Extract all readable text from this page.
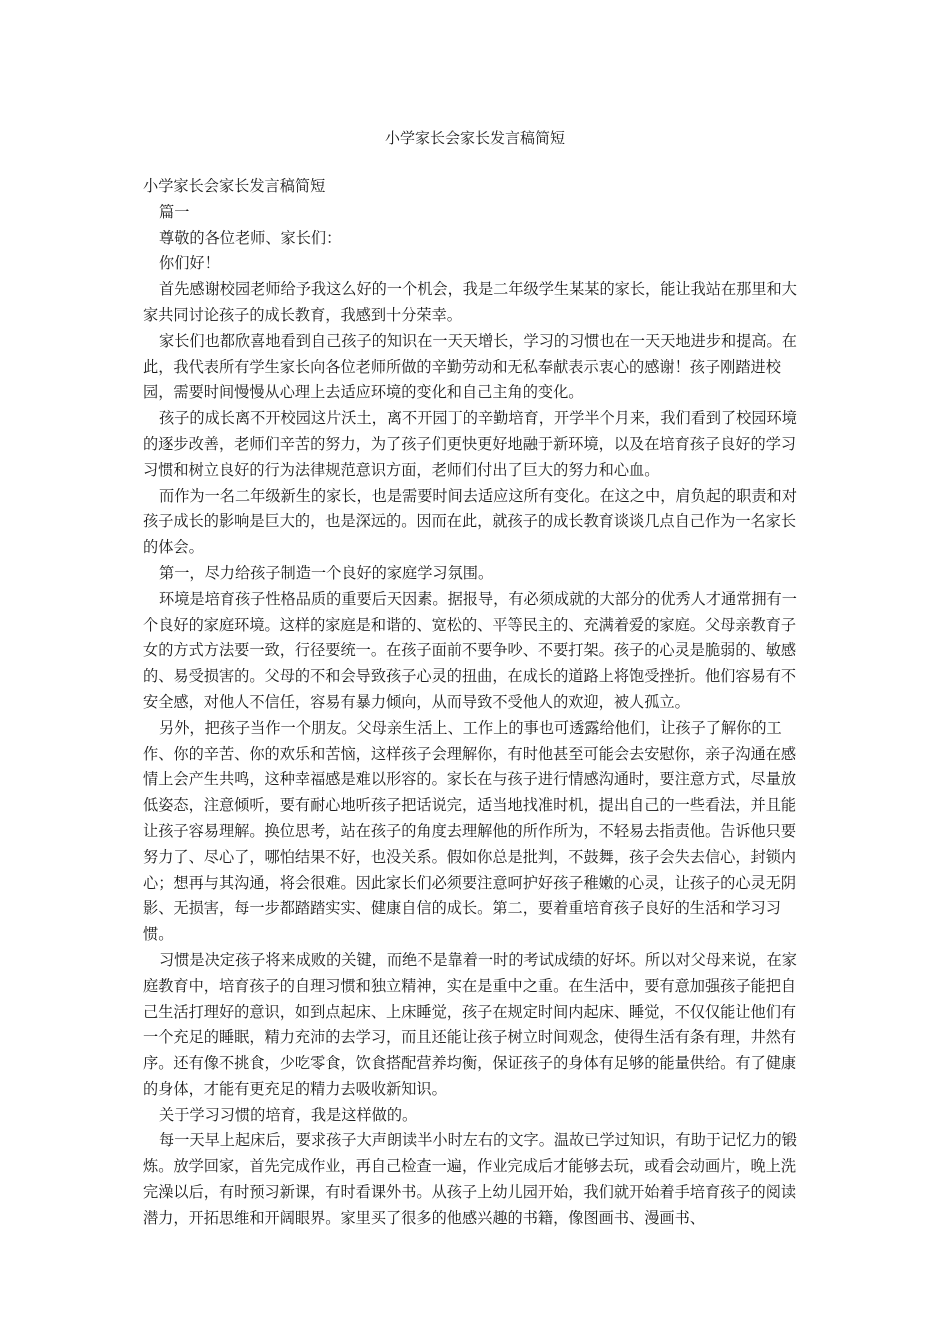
小学家长会家长发言稿简短

小学家长会家长发言稿简短

篇一

尊敬的各位老师、家长们：

你们好！

首先感谢校园老师给予我这么好的一个机会，我是二年级学生某某的家长，能让我站在那里和大家共同讨论孩子的成长教育，我感到十分荣幸。

家长们也都欣喜地看到自己孩子的知识在一天天增长，学习的习惯也在一天天地进步和提高。在此，我代表所有学生家长向各位老师所做的辛勤劳动和无私奉献表示衷心的感谢！孩子刚踏进校园，需要时间慢慢从心理上去适应环境的变化和自己主角的变化。

孩子的成长离不开校园这片沃土，离不开园丁的辛勤培育，开学半个月来，我们看到了校园环境的逐步改善，老师们辛苦的努力，为了孩子们更快更好地融于新环境，以及在培育孩子良好的学习习惯和树立良好的行为法律规范意识方面，老师们付出了巨大的努力和心血。

而作为一名二年级新生的家长，也是需要时间去适应这所有变化。在这之中，肩负起的职责和对孩子成长的影响是巨大的，也是深远的。因而在此，就孩子的成长教育谈谈几点自己作为一名家长的体会。

第一，尽力给孩子制造一个良好的家庭学习氛围。

环境是培育孩子性格品质的重要后天因素。据报导，有必须成就的大部分的优秀人才通常拥有一个良好的家庭环境。这样的家庭是和谐的、宽松的、平等民主的、充满着爱的家庭。父母亲教育子女的方式方法要一致，行径要统一。在孩子面前不要争吵、不要打架。孩子的心灵是脆弱的、敏感的、易受损害的。父母的不和会导致孩子心灵的扭曲，在成长的道路上将饱受挫折。他们容易有不安全感，对他人不信任，容易有暴力倾向，从而导致不受他人的欢迎，被人孤立。

另外，把孩子当作一个朋友。父母亲生活上、工作上的事也可透露给他们，让孩子了解你的工作、你的辛苦、你的欢乐和苦恼，这样孩子会理解你，有时他甚至可能会去安慰你，亲子沟通在感情上会产生共鸣，这种幸福感是难以形容的。家长在与孩子进行情感沟通时，要注意方式，尽量放低姿态，注意倾听，要有耐心地听孩子把话说完，适当地找准时机，提出自己的一些看法，并且能让孩子容易理解。换位思考，站在孩子的角度去理解他的所作所为，不轻易去指责他。告诉他只要努力了、尽心了，哪怕结果不好，也没关系。假如你总是批判，不鼓舞，孩子会失去信心，封锁内心；想再与其沟通，将会很难。因此家长们必须要注意呵护好孩子稚嫩的心灵，让孩子的心灵无阴影、无损害，每一步都踏踏实实、健康自信的成长。第二，要着重培育孩子良好的生活和学习习惯。

习惯是决定孩子将来成败的关键，而绝不是靠着一时的考试成绩的好坏。所以对父母来说，在家庭教育中，培育孩子的自理习惯和独立精神，实在是重中之重。在生活中，要有意加强孩子能把自己生活打理好的意识，如到点起床、上床睡觉，孩子在规定时间内起床、睡觉，不仅仅能让他们有一个充足的睡眠，精力充沛的去学习，而且还能让孩子树立时间观念，使得生活有条有理，井然有序。还有像不挑食，少吃零食，饮食搭配营养均衡，保证孩子的身体有足够的能量供给。有了健康的身体，才能有更充足的精力去吸收新知识。

关于学习习惯的培育，我是这样做的。

每一天早上起床后，要求孩子大声朗读半小时左右的文字。温故已学过知识，有助于记忆力的锻炼。放学回家，首先完成作业，再自己检查一遍，作业完成后才能够去玩，或看会动画片，晚上洗完澡以后，有时预习新课，有时看课外书。从孩子上幼儿园开始，我们就开始着手培育孩子的阅读潜力，开拓思维和开阔眼界。家里买了很多的他感兴趣的书籍，像图画书、漫画书、
